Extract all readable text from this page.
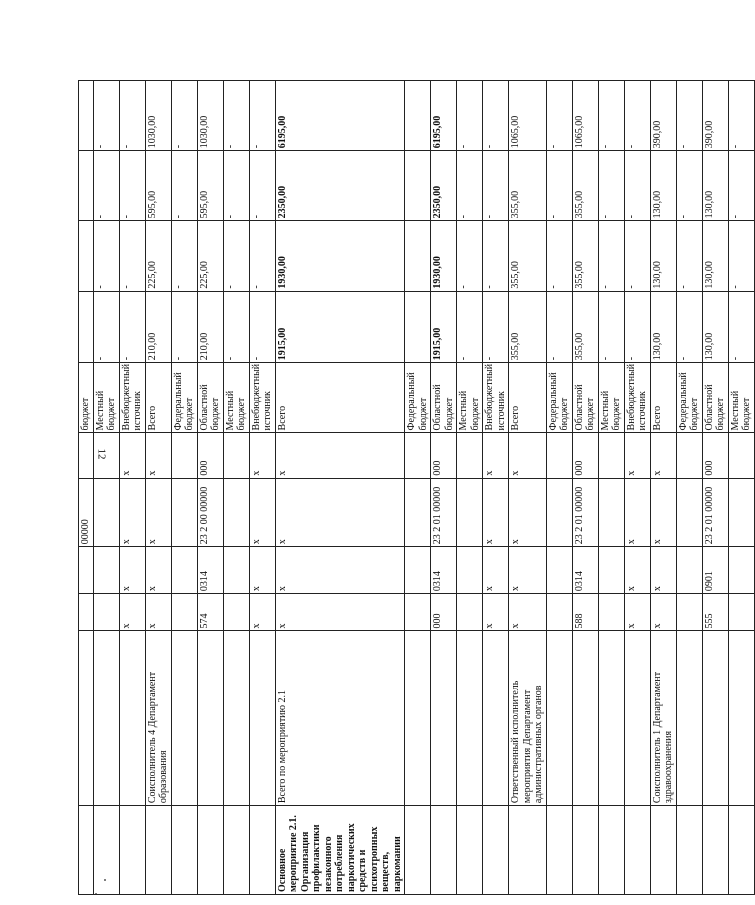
12
				00000		бюджет				
						Местный бюджет	-	-	-	-
		x	x	x	x	Внебюджетный источник	-	-	-	-
	Соисполнитель 4 Департамент образования	x	x	x	x	Всего	210,00	225,00	595,00	1030,00
						Федеральный бюджет	-	-	-	-
		574	0314	23 2 00 00000	000	Областной бюджет	210,00	225,00	595,00	1030,00
						Местный бюджет	-	-	-	-
		x	x	x	x	Внебюджетный источник	-	-	-	-
Основное мероприятие 2.1. Организация профилактики незаконного потребления наркотических средств и психотропных веществ, наркомании	Всего по мероприятию 2.1	x	x	x	x	Всего	1915,00	1930,00	2350,00	6195,00
						Федеральный бюджет				
		000	0314	23 2 01 00000	000	Областной бюджет	1915,00	1930,00	2350,00	6195,00
						Местный бюджет	-	-	-	-
		x	x	x	x	Внебюджетный источник	-	-	-	-
	Ответственный исполнитель мероприятия Департамент административных органов	x	x	x	x	Всего	355,00	355,00	355,00	1065,00
						Федеральный бюджет	-	-	-	-
		588	0314	23 2 01 00000	000	Областной бюджет	355,00	355,00	355,00	1065,00
						Местный бюджет	-	-	-	-
		x	x	x	x	Внебюджетный источник	-	-	-	-
	Соисполнитель 1 Департамент здравоохранения	x	x	x	x	Всего	130,00	130,00	130,00	390,00
						Федеральный бюджет	-	-	-	-
		555	0901	23 2 01 00000	000	Областной бюджет	130,00	130,00	130,00	390,00
						Местный бюджет	-	-	-	-
